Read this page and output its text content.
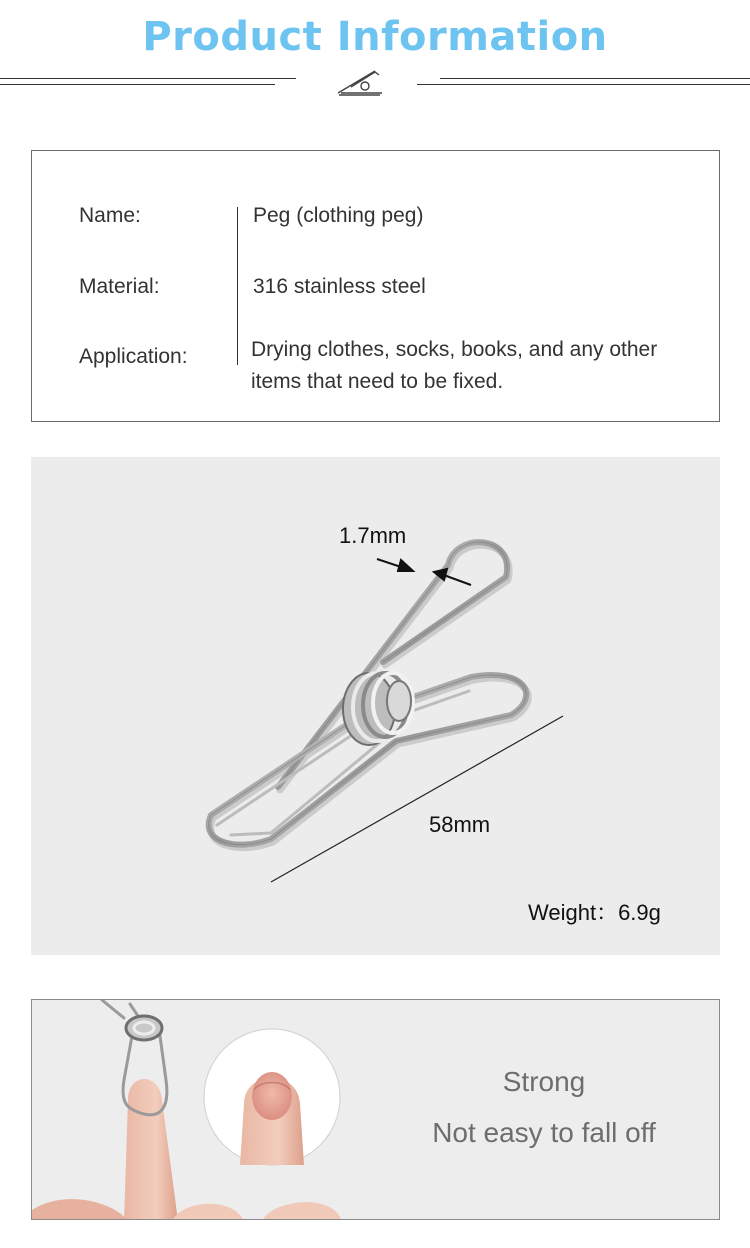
Product Information
Name:	Peg (clothing peg)
Material:	316 stainless steel
Application:	Drying clothes, socks, books, and any other
items that need to be fixed.
1.7mm
58mm
Weight：6.9g
Strong
Not easy to fall off
